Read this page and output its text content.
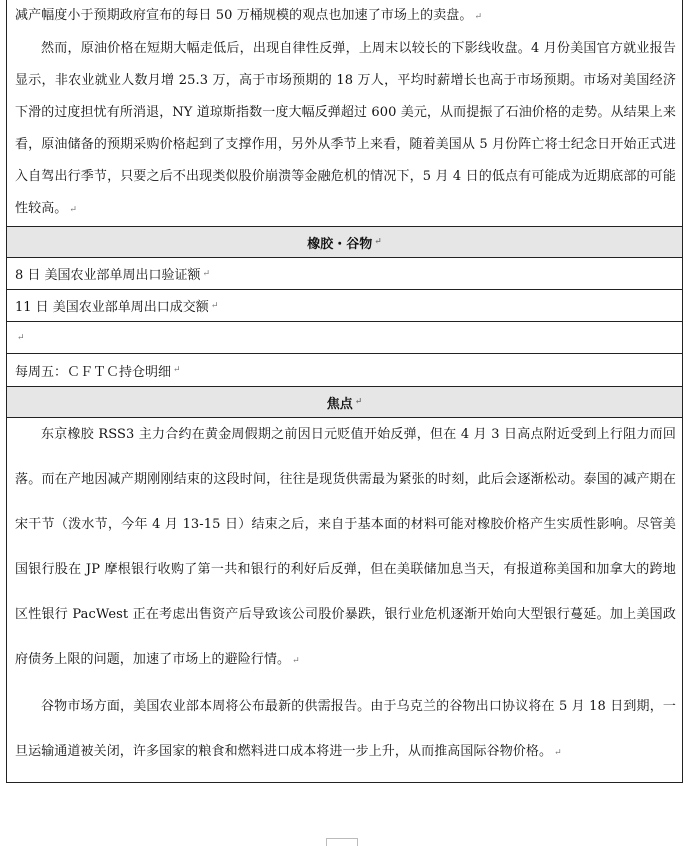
减产幅度小于预期政府宣布的每日 50 万桶规模的观点也加速了市场上的卖盘。 ↵

然而，原油价格在短期大幅走低后，出现自律性反弹，上周末以较长的下影线收盘。4 月份美国官方就业报告显示，非农业就业人数月增 25.3 万，高于市场预期的 18 万人，平均时薪增长也高于市场预期。市场对美国经济下滑的过度担忧有所消退，NY 道琼斯指数一度大幅反弹超过 600 美元，从而提振了石油价格的走势。从结果上来看，原油储备的预期采购价格起到了支撑作用，另外从季节上来看，随着美国从 5 月份阵亡将士纪念日开始正式进入自驾出行季节，只要之后不出现类似股价崩溃等金融危机的情况下，5 月 4 日的低点有可能成为近期底部的可能性较高。 ↵

橡胶・谷物 ↵
8 日 美国农业部单周出口验证额 ↵
11 日 美国农业部单周出口成交额 ↵
↵
每周五：ＣＦＴＣ持仓明细 ↵
焦点 ↵

东京橡胶 RSS3 主力合约在黄金周假期之前因日元贬值开始反弹，但在 4 月 3 日高点附近受到上行阻力而回落。而在产地因减产期刚刚结束的这段时间，往往是现货供需最为紧张的时刻，此后会逐渐松动。泰国的减产期在宋干节（泼水节，今年 4 月 13-15 日）结束之后，来自于基本面的材料可能对橡胶价格产生实质性影响。尽管美国银行股在 JP 摩根银行收购了第一共和银行的利好后反弹，但在美联储加息当天，有报道称美国和加拿大的跨地区性银行 PacWest 正在考虑出售资产后导致该公司股价暴跌，银行业危机逐渐开始向大型银行蔓延。加上美国政府债务上限的问题，加速了市场上的避险行情。 ↵

谷物市场方面，美国农业部本周将公布最新的供需报告。由于乌克兰的谷物出口协议将在 5 月 18 日到期，一旦运输通道被关闭，许多国家的粮食和燃料进口成本将进一步上升，从而推高国际谷物价格。 ↵
